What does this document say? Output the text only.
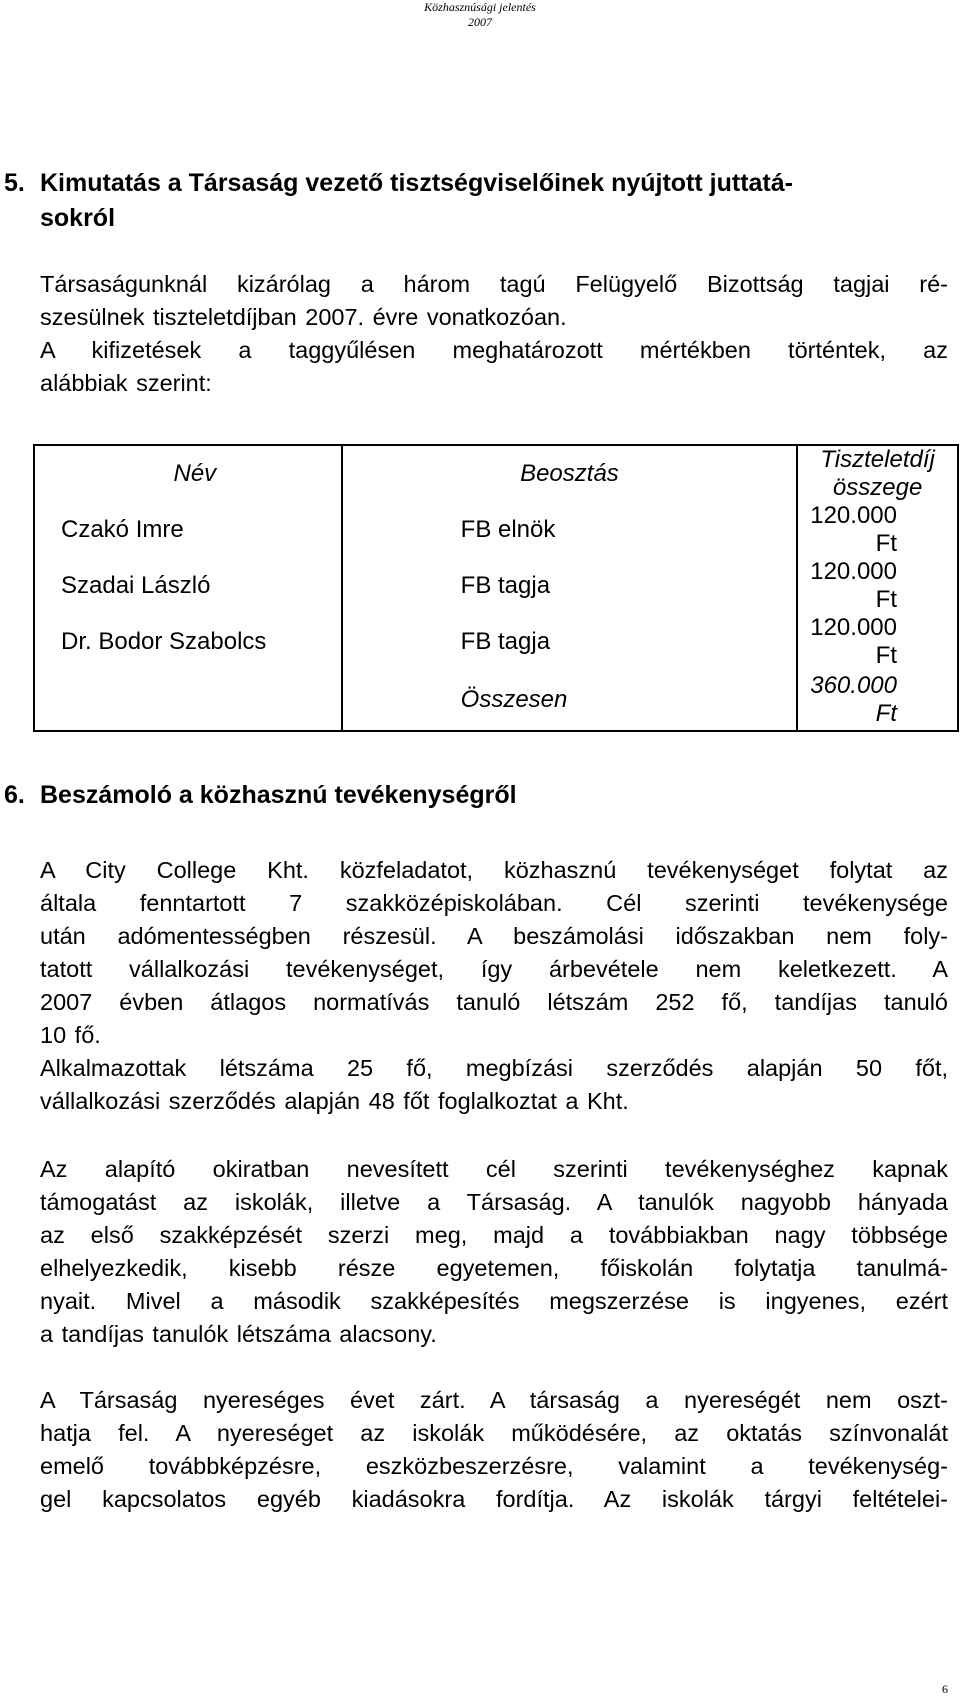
Közhasznúsági jelentés
2007
5. Kimutatás a Társaság vezető tisztségviselőinek nyújtott juttatá-
sokról

Társaságunknál kizárólag a három tagú Felügyelő Bizottság tagjai ré-
szesülnek tiszteletdíjban 2007. évre vonatkozóan.
A kifizetések a taggyűlésen meghatározott mértékben történtek, az
alábbiak szerint:

Név	Beosztás	Tiszteletdíj összege
Czakó Imre	FB elnök	120.000 Ft
Szadai László	FB tagja	120.000 Ft
Dr. Bodor Szabolcs	FB tagja	120.000 Ft
	Összesen	360.000 Ft
6. Beszámoló a közhasznú tevékenységről

A City College Kht. közfeladatot, közhasznú tevékenységet folytat az
általa fenntartott 7 szakközépiskolában. Cél szerinti tevékenysége
után adómentességben részesül. A beszámolási időszakban nem foly-
tatott vállalkozási tevékenységet, így árbevétele nem keletkezett. A
2007 évben átlagos normatívás tanuló létszám 252 fő, tandíjas tanuló
10 fő.
Alkalmazottak létszáma 25 fő, megbízási szerződés alapján 50 főt,
vállalkozási szerződés alapján 48 főt foglalkoztat a Kht.

Az alapító okiratban nevesített cél szerinti tevékenységhez kapnak
támogatást az iskolák, illetve a Társaság. A tanulók nagyobb hányada
az első szakképzését szerzi meg, majd a továbbiakban nagy többsége
elhelyezkedik, kisebb része egyetemen, főiskolán folytatja tanulmá-
nyait. Mivel a második szakképesítés megszerzése is ingyenes, ezért
a tandíjas tanulók létszáma alacsony.

A Társaság nyereséges évet zárt. A társaság a nyereségét nem oszt-
hatja fel. A nyereséget az iskolák működésére, az oktatás színvonalát
emelő továbbképzésre, eszközbeszerzésre, valamint a tevékenység-
gel kapcsolatos egyéb kiadásokra fordítja. Az iskolák tárgyi feltételei-

6
